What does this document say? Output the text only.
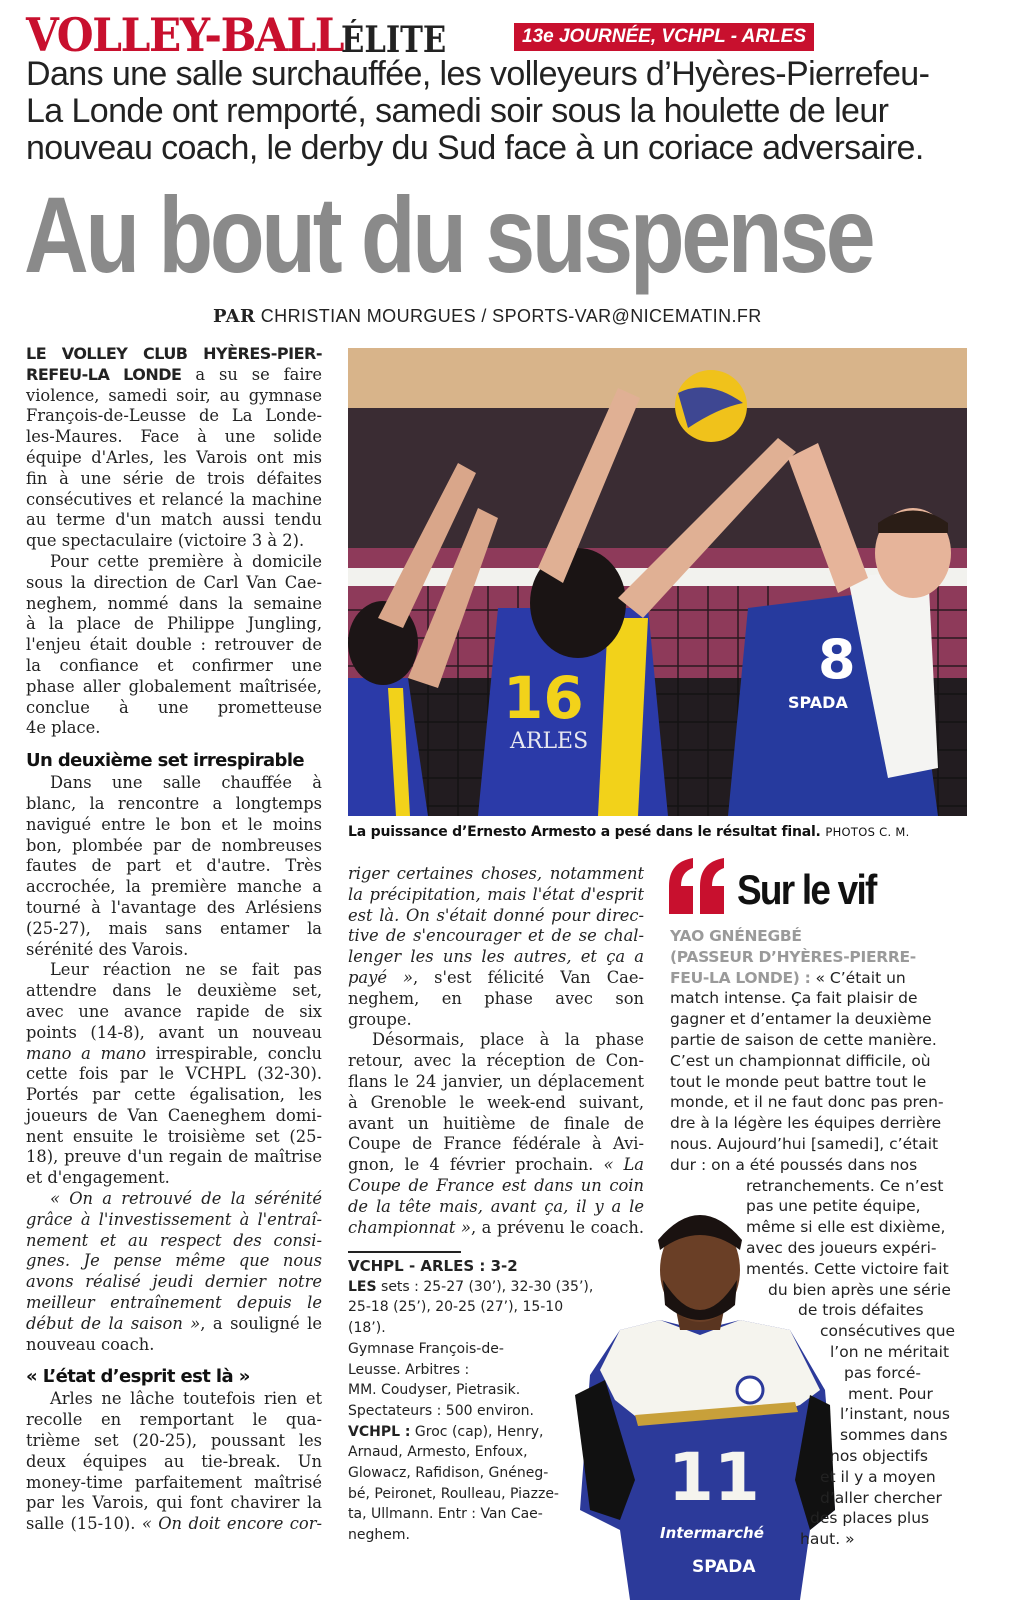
VOLLEY-BALL
ÉLITE	13e JOURNÉE, VCHPL - ARLES
Dans une salle surchauffée, les volleyeurs d’Hyères-Pierrefeu-
La Londe ont remporté, samedi soir sous la houlette de leur
nouveau coach, le derby du Sud face à un coriace adversaire.
Au bout du suspense
PAR CHRISTIAN MOURGUES / SPORTS-VAR@NICEMATIN.FR
LE VOLLEY CLUB HYÈRES-PIER-
REFEU-LA LONDE a su se faire
violence, samedi soir, au gymnase
François-de-Leusse de La Londe-
les-Maures. Face à une solide
équipe d'Arles, les Varois ont mis
fin à une série de trois défaites
consécutives et relancé la machine
au terme d'un match aussi tendu
que spectaculaire (victoire 3 à 2).
Pour cette première à domicile
sous la direction de Carl Van Cae-
neghem, nommé dans la semaine
à la place de Philippe Jungling,
l'enjeu était double : retrouver de
la confiance et confirmer une
phase aller globalement maîtrisée,
conclue à une prometteuse
4e place.
Un deuxième set irrespirable
Dans une salle chauffée à
blanc, la rencontre a longtemps
navigué entre le bon et le moins
bon, plombée par de nombreuses
fautes de part et d'autre. Très
accrochée, la première manche a
tourné à l'avantage des Arlésiens
(25-27), mais sans entamer la
sérénité des Varois.
Leur réaction ne se fait pas
attendre dans le deuxième set,
avec une avance rapide de six
points (14-8), avant un nouveau
mano a mano irrespirable, conclu
cette fois par le VCHPL (32-30).
Portés par cette égalisation, les
joueurs de Van Caeneghem domi-
nent ensuite le troisième set (25-
18), preuve d'un regain de maîtrise
et d'engagement.
« On a retrouvé de la sérénité
grâce à l'investissement à l'entraî-
nement et au respect des consi-
gnes. Je pense même que nous
avons réalisé jeudi dernier notre
meilleur entraînement depuis le
début de la saison », a souligné le
nouveau coach.
« L’état d’esprit est là »
Arles ne lâche toutefois rien et
recolle en remportant le qua-
trième set (20-25), poussant les
deux équipes au tie-break. Un
money-time parfaitement maîtrisé
par les Varois, qui font chavirer la
salle (15-10). « On doit encore cor-
16
ARLES
8
SPADA
La puissance d’Ernesto Armesto a pesé dans le résultat final. PHOTOS C. M.
riger certaines choses, notamment
la précipitation, mais l'état d'esprit
est là. On s'était donné pour direc-
tive de s'encourager et de se chal-
lenger les uns les autres, et ça a
payé », s'est félicité Van Cae-
neghem, en phase avec son
groupe.
Désormais, place à la phase
retour, avec la réception de Con-
flans le 24 janvier, un déplacement
à Grenoble le week-end suivant,
avant un huitième de finale de
Coupe de France fédérale à Avi-
gnon, le 4 février prochain. « La
Coupe de France est dans un coin
de la tête mais, avant ça, il y a le
championnat », a prévenu le coach.
VCHPL - ARLES : 3-2
LES sets : 25-27 (30’), 32-30 (35’),
25-18 (25’), 20-25 (27’), 15-10
(18’).
Gymnase François-de-
Leusse. Arbitres :
MM. Coudyser, Pietrasik.
Spectateurs : 500 environ.
VCHPL : Groc (cap), Henry,
Arnaud, Armesto, Enfoux,
Glowacz, Rafidison, Gnéneg-
bé, Peironet, Roulleau, Piazze-
ta, Ullmann. Entr : Van Cae-
neghem.
11
Intermarché
SPADA
Sur le vif
YAO GNÉNEGBÉ
(PASSEUR D’HYÈRES-PIERRE-
FEU-LA LONDE) : « C’était un
match intense. Ça fait plaisir de
gagner et d’entamer la deuxième
partie de saison de cette manière.
C’est un championnat difficile, où
tout le monde peut battre tout le
monde, et il ne faut donc pas pren-
dre à la légère les équipes derrière
nous. Aujourd’hui [samedi], c’était
dur : on a été poussés dans nos
retranchements. Ce n’est
pas une petite équipe,
même si elle est dixième,
avec des joueurs expéri-
mentés. Cette victoire fait
du bien après une série
de trois défaites
consécutives que
l’on ne méritait
pas forcé-
ment. Pour
l’instant, nous
sommes dans
nos objectifs
et il y a moyen
d’aller chercher
des places plus
haut. »
